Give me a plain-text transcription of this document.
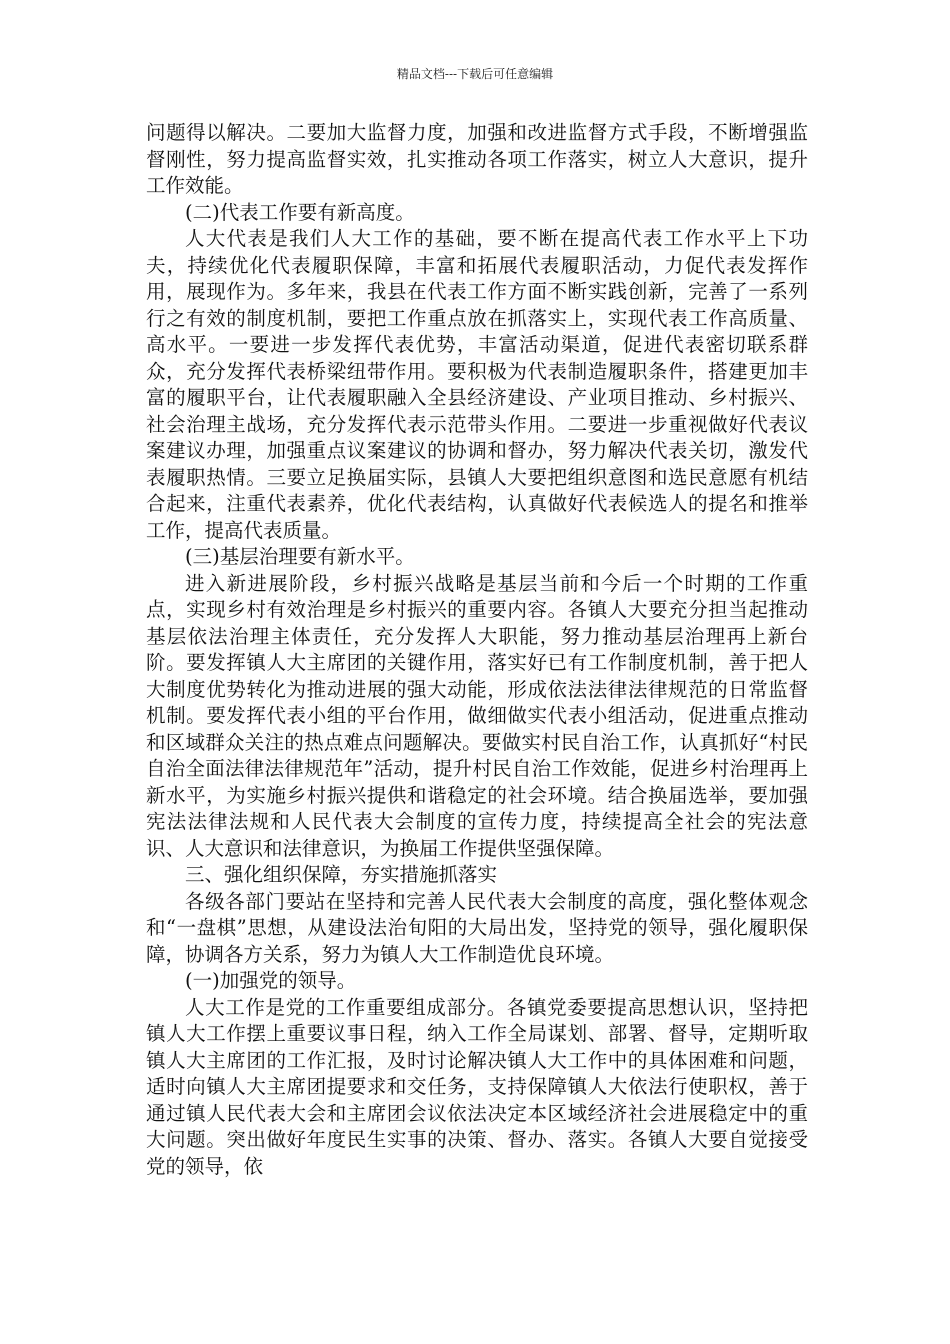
精品文档---下载后可任意编辑

问题得以解决。二要加大监督力度，加强和改进监督方式手段，不断增强监督刚性，努力提高监督实效，扎实推动各项工作落实，树立人大意识，提升工作效能。

(二)代表工作要有新高度。

人大代表是我们人大工作的基础，要不断在提高代表工作水平上下功夫，持续优化代表履职保障，丰富和拓展代表履职活动，力促代表发挥作用，展现作为。多年来，我县在代表工作方面不断实践创新，完善了一系列行之有效的制度机制，要把工作重点放在抓落实上，实现代表工作高质量、高水平。一要进一步发挥代表优势，丰富活动渠道，促进代表密切联系群众，充分发挥代表桥梁纽带作用。要积极为代表制造履职条件，搭建更加丰富的履职平台，让代表履职融入全县经济建设、产业项目推动、乡村振兴、社会治理主战场，充分发挥代表示范带头作用。二要进一步重视做好代表议案建议办理，加强重点议案建议的协调和督办，努力解决代表关切，激发代表履职热情。三要立足换届实际，县镇人大要把组织意图和选民意愿有机结合起来，注重代表素养，优化代表结构，认真做好代表候选人的提名和推举工作，提高代表质量。

(三)基层治理要有新水平。

进入新进展阶段，乡村振兴战略是基层当前和今后一个时期的工作重点，实现乡村有效治理是乡村振兴的重要内容。各镇人大要充分担当起推动基层依法治理主体责任，充分发挥人大职能，努力推动基层治理再上新台阶。要发挥镇人大主席团的关键作用，落实好已有工作制度机制，善于把人大制度优势转化为推动进展的强大动能，形成依法法律法律规范的日常监督机制。要发挥代表小组的平台作用，做细做实代表小组活动，促进重点推动和区域群众关注的热点难点问题解决。要做实村民自治工作，认真抓好“村民自治全面法律法律规范年”活动，提升村民自治工作效能，促进乡村治理再上新水平，为实施乡村振兴提供和谐稳定的社会环境。结合换届选举，要加强宪法法律法规和人民代表大会制度的宣传力度，持续提高全社会的宪法意识、人大意识和法律意识，为换届工作提供坚强保障。

三、强化组织保障，夯实措施抓落实

各级各部门要站在坚持和完善人民代表大会制度的高度，强化整体观念和“一盘棋”思想，从建设法治旬阳的大局出发，坚持党的领导，强化履职保障，协调各方关系，努力为镇人大工作制造优良环境。

(一)加强党的领导。

人大工作是党的工作重要组成部分。各镇党委要提高思想认识，坚持把镇人大工作摆上重要议事日程，纳入工作全局谋划、部署、督导，定期听取镇人大主席团的工作汇报，及时讨论解决镇人大工作中的具体困难和问题，适时向镇人大主席团提要求和交任务，支持保障镇人大依法行使职权，善于通过镇人民代表大会和主席团会议依法决定本区域经济社会进展稳定中的重大问题。突出做好年度民生实事的决策、督办、落实。各镇人大要自觉接受党的领导，依
